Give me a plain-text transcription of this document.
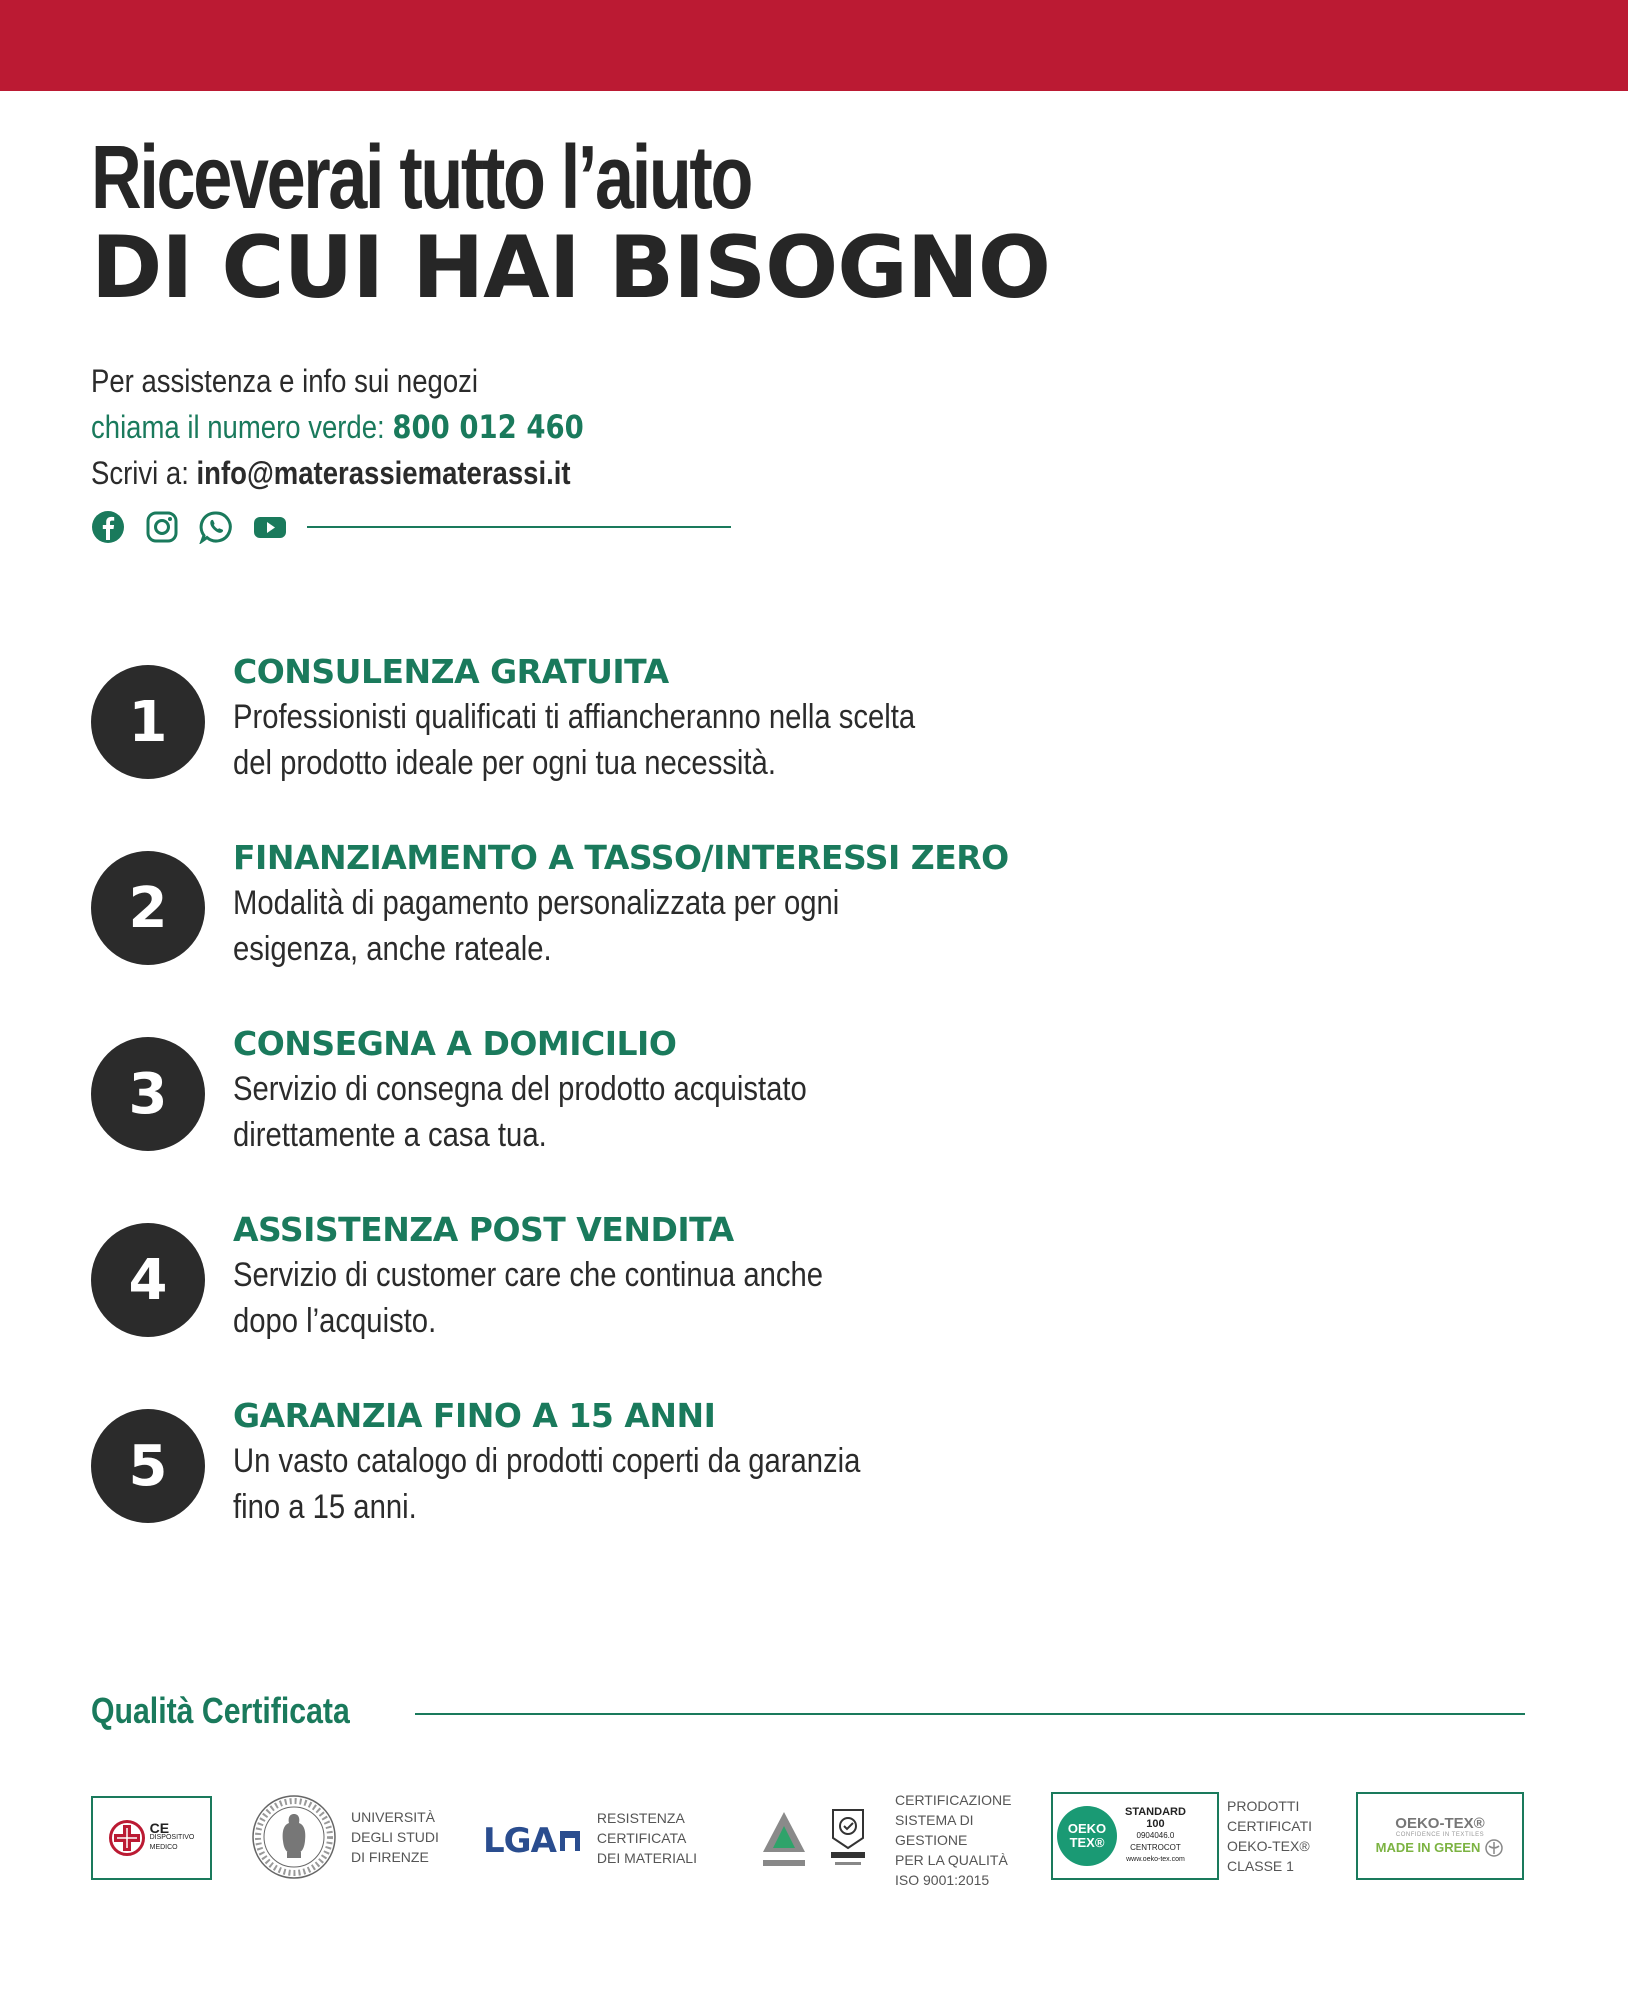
Riceverai tutto l’aiuto
DI CUI HAI BISOGNO
Per assistenza e info sui negozi
chiama il numero verde: 800 012 460
Scrivi a: info@materassiematerassi.it
1
CONSULENZA GRATUITA
Professionisti qualificati ti affiancheranno nella scelta
del prodotto ideale per ogni tua necessità.
2
FINANZIAMENTO A TASSO/INTERESSI ZERO
Modalità di pagamento personalizzata per ogni
esigenza, anche rateale.
3
CONSEGNA A DOMICILIO
Servizio di consegna del prodotto acquistato
direttamente a casa tua.
4
ASSISTENZA POST VENDITA
Servizio di customer care che continua anche
dopo l’acquisto.
5
GARANZIA FINO A 15 ANNI
Un vasto catalogo di prodotti coperti da garanzia
fino a 15 anni.
Qualità Certificata
CE
DISPOSITIVO
MEDICO
UNIVERSITÀ
DEGLI STUDI
DI FIRENZE LGA
RESISTENZA
CERTIFICATA
DEI MATERIALI
CERTIFICAZIONE
SISTEMA DI
GESTIONE
PER LA QUALITÀ
ISO 9001:2015
OEKO
TEX®
STANDARD
100
0904046.0
CENTROCOT
www.oeko-tex.com
PRODOTTI
CERTIFICATI
OEKO-TEX®
CLASSE 1
OEKO-TEX®
CONFIDENCE IN TEXTILES
MADE IN GREEN
